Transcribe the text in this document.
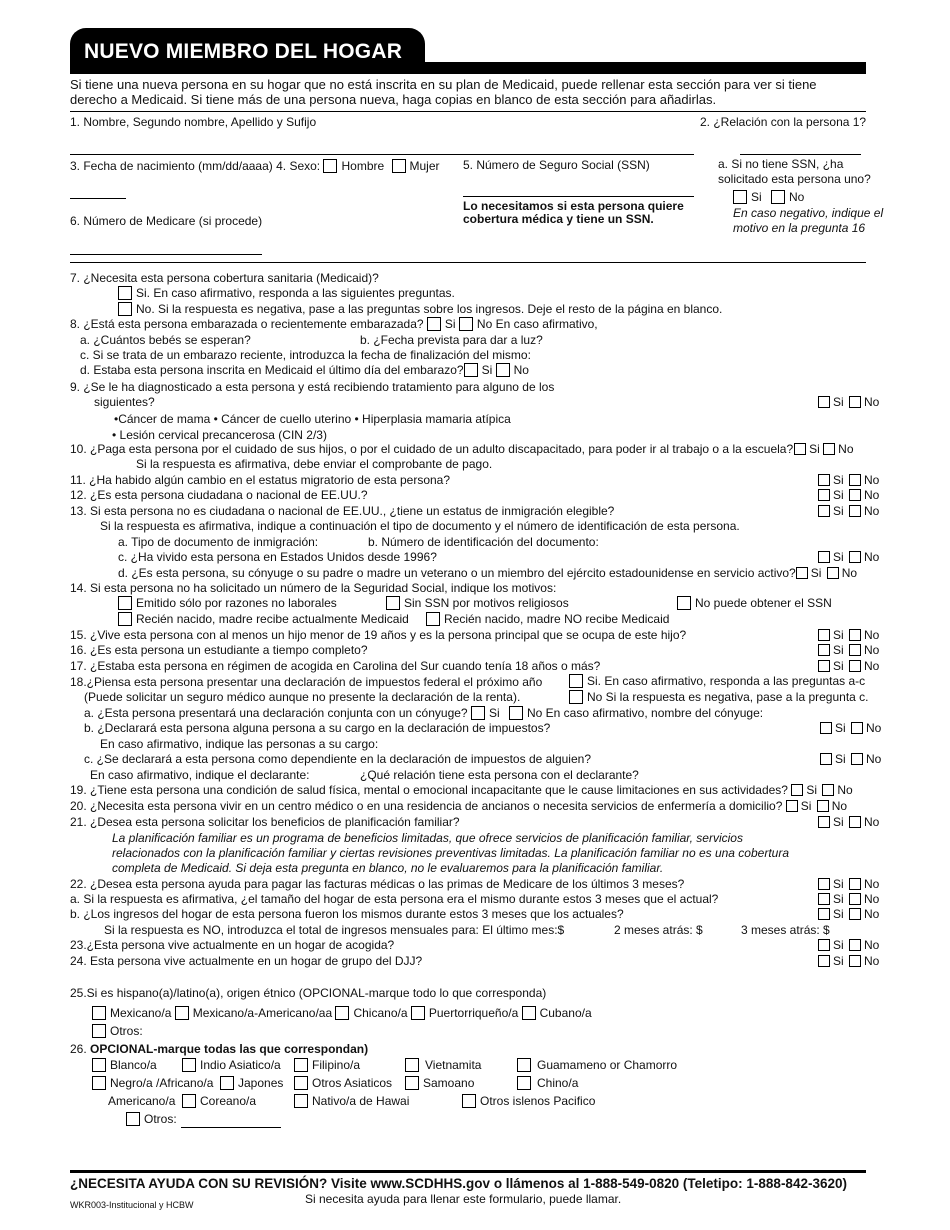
NUEVO MIEMBRO DEL HOGAR
Si tiene una nueva persona en su hogar que no está inscrita en su plan de Medicaid, puede rellenar esta sección para ver si tiene derecho a Medicaid. Si tiene más de una persona nueva, haga copias en blanco de esta sección para añadirlas.
1. Nombre, Segundo nombre, Apellido y Sufijo	2. ¿Relación con la persona 1?
3. Fecha de nacimiento (mm/dd/aaaa) 4. Sexo: Hombre Mujer 5. Número de Seguro Social (SSN)	a. Si no tiene SSN, ¿ha
solicitado esta persona uno?
Si No
En caso negativo, indique el
motivo en la pregunta 16
Lo necesitamos si esta persona quiere
cobertura médica y tiene un SSN.
6. Número de Medicare (si procede)
7. ¿Necesita esta persona cobertura sanitaria (Medicaid)?
Si. En caso afirmativo, responda a las siguientes preguntas.
No. Si la respuesta es negativa, pase a las preguntas sobre los ingresos. Deje el resto de la página en blanco.
8. ¿Está esta persona embarazada o recientemente embarazada? Si No En caso afirmativo,
a. ¿Cuántos bebés se esperan?	b. ¿Fecha prevista para dar a luz?
c. Si se trata de un embarazo reciente, introduzca la fecha de finalización del mismo:
d. Estaba esta persona inscrita en Medicaid el último día del embarazo? Si No
9. ¿Se le ha diagnosticado a esta persona y está recibiendo tratamiento para alguno de los
siguientes?
•Cáncer de mama • Cáncer de cuello uterino • Hiperplasia mamaria atípica
• Lesión cervical precancerosa (CIN 2/3)
Si No
10. ¿Paga esta persona por el cuidado de sus hijos, o por el cuidado de un adulto discapacitado, para poder ir al trabajo o a la escuela? Si No
Si la respuesta es afirmativa, debe enviar el comprobante de pago.
11. ¿Ha habido algún cambio en el estatus migratorio de esta persona?	Si No
12. ¿Es esta persona ciudadana o nacional de EE.UU.?	Si No
13. Si esta persona no es ciudadana o nacional de EE.UU., ¿tiene un estatus de inmigración elegible?	Si No
Si la respuesta es afirmativa, indique a continuación el tipo de documento y el número de identificación de esta persona.
a. Tipo de documento de inmigración:	b. Número de identificación del documento:
c. ¿Ha vivido esta persona en Estados Unidos desde 1996?	Si No
d. ¿Es esta persona, su cónyuge o su padre o madre un veterano o un miembro del ejército estadounidense en servicio activo? Si No
14. Si esta persona no ha solicitado un número de la Seguridad Social, indique los motivos:
Emitido sólo por razones no laborales	Sin SSN por motivos religiosos	No puede obtener el SSN
Recién nacido, madre recibe actualmente Medicaid	Recién nacido, madre NO recibe Medicaid
15. ¿Vive esta persona con al menos un hijo menor de 19 años y es la persona principal que se ocupa de este hijo?	Si No
16. ¿Es esta persona un estudiante a tiempo completo?	Si No
17. ¿Estaba esta persona en régimen de acogida en Carolina del Sur cuando tenía 18 años o más?	Si No
18.¿Piensa esta persona presentar una declaración de impuestos federal el próximo año	Si. En caso afirmativo, responda a las preguntas a-c
(Puede solicitar un seguro médico aunque no presente la declaración de la renta).	No Si la respuesta es negativa, pase a la pregunta c.
a. ¿Esta persona presentará una declaración conjunta con un cónyuge? Si No En caso afirmativo, nombre del cónyuge:
b. ¿Declarará esta persona alguna persona a su cargo en la declaración de impuestos?	Si No
En caso afirmativo, indique las personas a su cargo:
c. ¿Se declarará a esta persona como dependiente en la declaración de impuestos de alguien?	Si No
En caso afirmativo, indique el declarante:	¿Qué relación tiene esta persona con el declarante?
19. ¿Tiene esta persona una condición de salud física, mental o emocional incapacitante que le cause limitaciones en sus actividades? Si No
20. ¿Necesita esta persona vivir en un centro médico o en una residencia de ancianos o necesita servicios de enfermería a domicilio? Si No
21. ¿Desea esta persona solicitar los beneficios de planificación familiar?	Si No
La planificación familiar es un programa de beneficios limitadas, que ofrece servicios de planificación familiar, servicios
relacionados con la planificación familiar y ciertas revisiones preventivas limitadas. La planificación familiar no es una cobertura
completa de Medicaid. Si deja esta pregunta en blanco, no le evaluaremos para la planificación familiar.
22. ¿Desea esta persona ayuda para pagar las facturas médicas o las primas de Medicare de los últimos 3 meses?	Si No
a. Si la respuesta es afirmativa, ¿el tamaño del hogar de esta persona era el mismo durante estos 3 meses que el actual?	Si No
b. ¿Los ingresos del hogar de esta persona fueron los mismos durante estos 3 meses que los actuales?	Si No
Si la respuesta es NO, introduzca el total de ingresos mensuales para: El último mes:$	2 meses atrás: $	3 meses atrás: $
23.¿Esta persona vive actualmente en un hogar de acogida?	Si No
24. Esta persona vive actualmente en un hogar de grupo del DJJ?	Si No
25.Si es hispano(a)/latino(a), origen étnico (OPCIONAL-marque todo lo que corresponda)
Mexicano/a Mexicano/a-Americano/aa Chicano/a Puertorriqueño/a Cubano/a
Otros:
26. OPCIONAL-marque todas las que correspondan)
Blanco/a	Indio Asiatico/a	Filipino/a	Vietnamita	Guamameno or Chamorro
Negro/a /Africano/a	Japones	Otros Asiaticos	Samoano	Chino/a
Americano/a	Coreano/a	Nativo/a de Hawai	Otros islenos Pacifico
Otros:
¿NECESITA AYUDA CON SU REVISIÓN? Visite www.SCDHHS.gov o llámenos al 1-888-549-0820 (Teletipo: 1-888-842-3620)
Si necesita ayuda para llenar este formulario, puede llamar.
WKR003-Institucional y HCBW
